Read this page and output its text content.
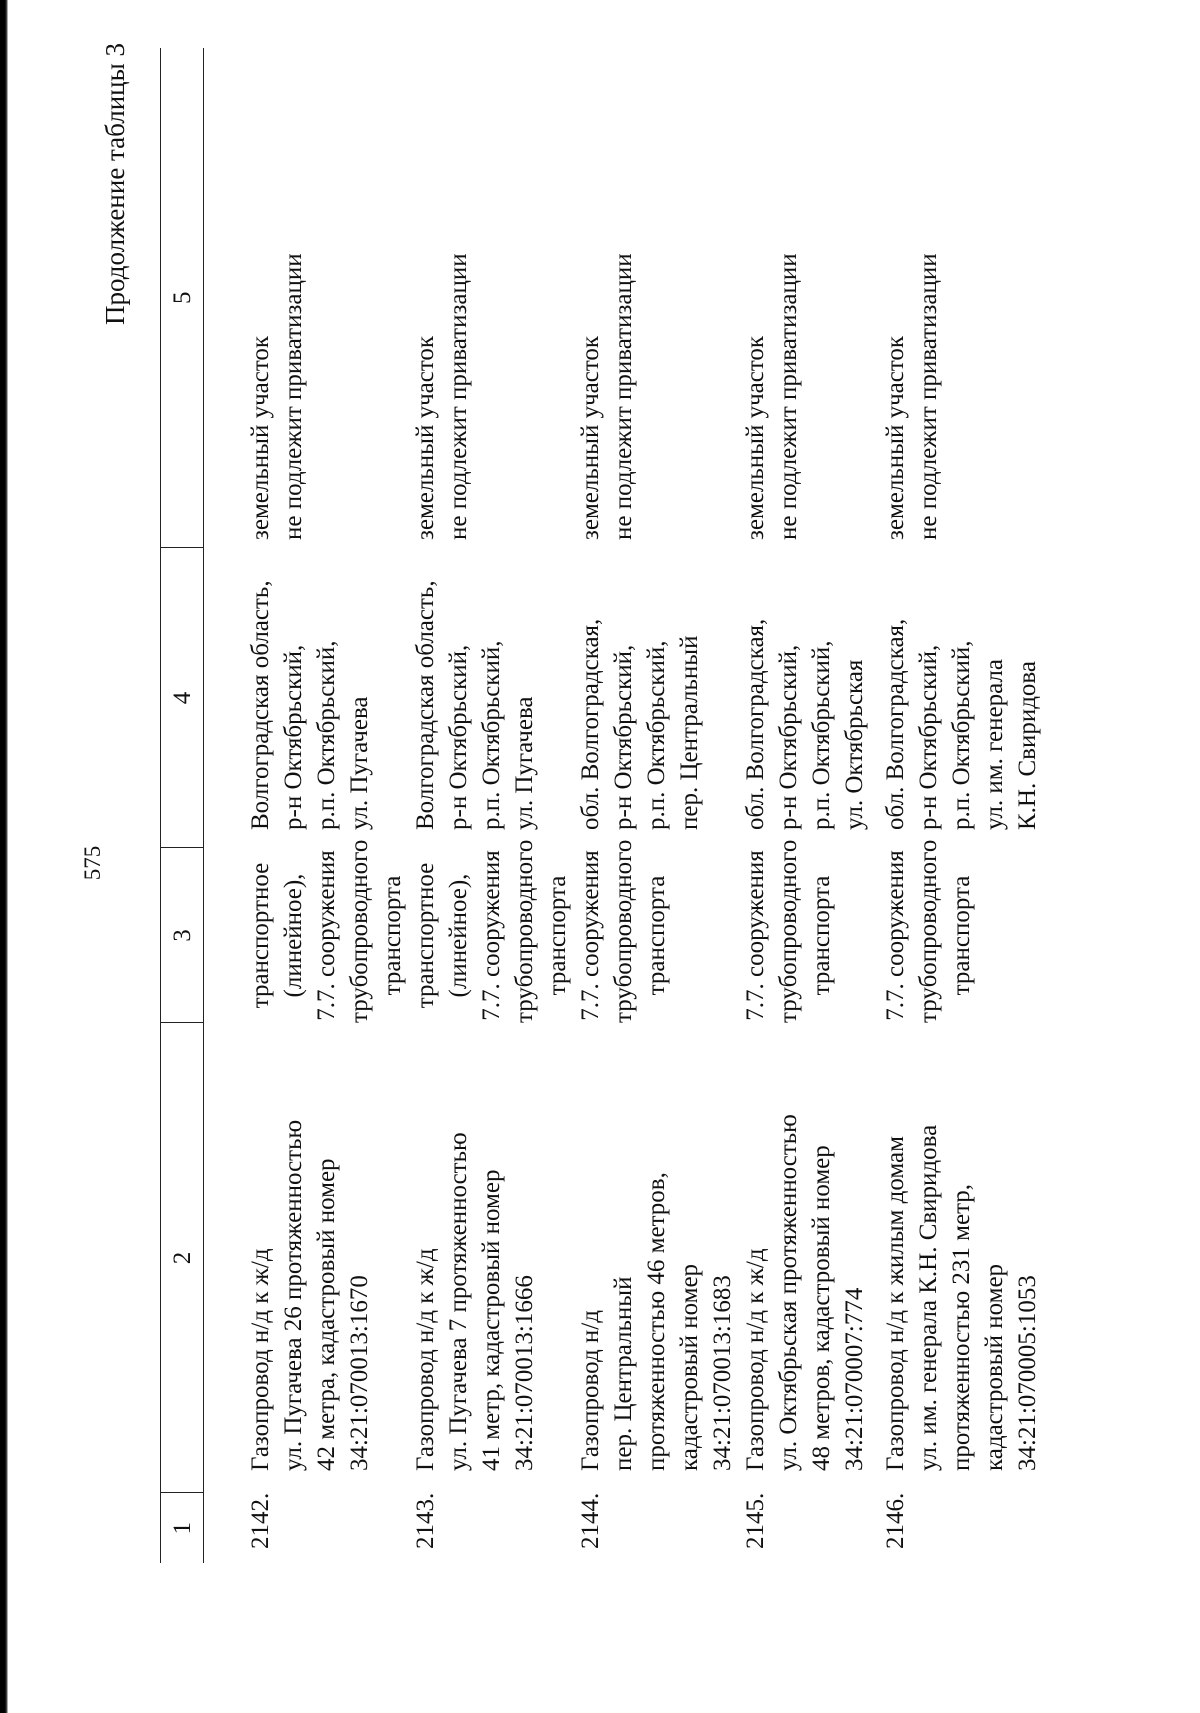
575
Продолжение таблицы 3
1	2	3	4	5
2142.	Газопровод н/д к ж/д ул. Пугачева 26 протяженностью 42 метра, кадастровый номер 34:21:070013:1670	транспортное (линейное), 7.7. сооружения трубопроводного транспорта	Волгоградская область, р-н Октябрьский, р.п. Октябрьский, ул. Пугачева	земельный участок не подлежит приватизации

2143.	Газопровод н/д к ж/д ул. Пугачева 7 протяженностью 41 метр, кадастровый номер 34:21:070013:1666	транспортное (линейное), 7.7. сооружения трубопроводного транспорта	Волгоградская область, р-н Октябрьский, р.п. Октябрьский, ул. Пугачева	земельный участок не подлежит приватизации

2144.	Газопровод н/д пер. Центральный протяженностью 46 метров, кадастровый номер 34:21:070013:1683	7.7. сооружения трубопроводного транспорта	обл. Волгоградская, р-н Октябрьский, р.п. Октябрьский, пер. Центральный	земельный участок не подлежит приватизации

2145.	Газопровод н/д к ж/д ул. Октябрьская протяженностью 48 метров, кадастровый номер 34:21:070007:774	7.7. сооружения трубопроводного транспорта	обл. Волгоградская, р-н Октябрьский, р.п. Октябрьский, ул. Октябрьская	земельный участок не подлежит приватизации

2146.	Газопровод н/д к жилым домам ул. им. генерала К.Н. Свиридова протяженностью 231 метр, кадастровый номер 34:21:070005:1053	7.7. сооружения трубопроводного транспорта	обл. Волгоградская, р-н Октябрьский, р.п. Октябрьский, ул. им. генерала К.Н. Свиридова	земельный участок не подлежит приватизации
